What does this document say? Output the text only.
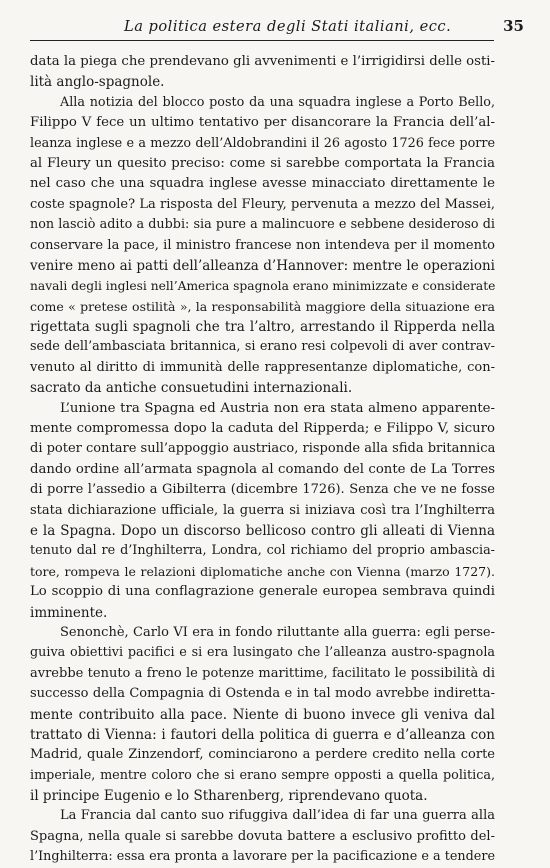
La politica estera degli Stati italiani, ecc.	35
data la piega che prendevano gli avvenimenti e l’irrigidirsi delle osti-
lità anglo-spagnole.
Alla notizia del blocco posto da una squadra inglese a Porto Bello,
Filippo V fece un ultimo tentativo per disancorare la Francia dell’al-
leanza inglese e a mezzo dell’Aldobrandini il 26 agosto 1726 fece porre
al Fleury un quesito preciso: come si sarebbe comportata la Francia
nel caso che una squadra inglese avesse minacciato direttamente le
coste spagnole? La risposta del Fleury, pervenuta a mezzo del Massei,
non lasciò adito a dubbi: sia pure a malincuore e sebbene desideroso di
conservare la pace, il ministro francese non intendeva per il momento
venire meno ai patti dell’alleanza d’Hannover: mentre le operazioni
navali degli inglesi nell’America spagnola erano minimizzate e considerate
come « pretese ostilità », la responsabilità maggiore della situazione era
rigettata sugli spagnoli che tra l’altro, arrestando il Ripperda nella
sede dell’ambasciata britannica, si erano resi colpevoli di aver contrav-
venuto al diritto di immunità delle rappresentanze diplomatiche, con-
sacrato da antiche consuetudini internazionali.
L’unione tra Spagna ed Austria non era stata almeno apparente-
mente compromessa dopo la caduta del Ripperda; e Filippo V, sicuro
di poter contare sull’appoggio austriaco, risponde alla sfida britannica
dando ordine all’armata spagnola al comando del conte de La Torres
di porre l’assedio a Gibilterra (dicembre 1726). Senza che ve ne fosse
stata dichiarazione ufficiale, la guerra si iniziava così tra l’Inghilterra
e la Spagna. Dopo un discorso bellicoso contro gli alleati di Vienna
tenuto dal re d’Inghilterra, Londra, col richiamo del proprio ambascia-
tore, rompeva le relazioni diplomatiche anche con Vienna (marzo 1727).
Lo scoppio di una conflagrazione generale europea sembrava quindi
imminente.
Senonchè, Carlo VI era in fondo riluttante alla guerra: egli perse-
guiva obiettivi pacifici e si era lusingato che l’alleanza austro-spagnola
avrebbe tenuto a freno le potenze marittime, facilitato le possibilità di
successo della Compagnia di Ostenda e in tal modo avrebbe indiretta-
mente contribuito alla pace. Niente di buono invece gli veniva dal
trattato di Vienna: i fautori della politica di guerra e d’alleanza con
Madrid, quale Zinzendorf, cominciarono a perdere credito nella corte
imperiale, mentre coloro che si erano sempre opposti a quella politica,
il principe Eugenio e lo Stharenberg, riprendevano quota.
La Francia dal canto suo rifuggiva dall’idea di far una guerra alla
Spagna, nella quale si sarebbe dovuta battere a esclusivo profitto del-
l’Inghilterra: essa era pronta a lavorare per la pacificazione e a tendere
